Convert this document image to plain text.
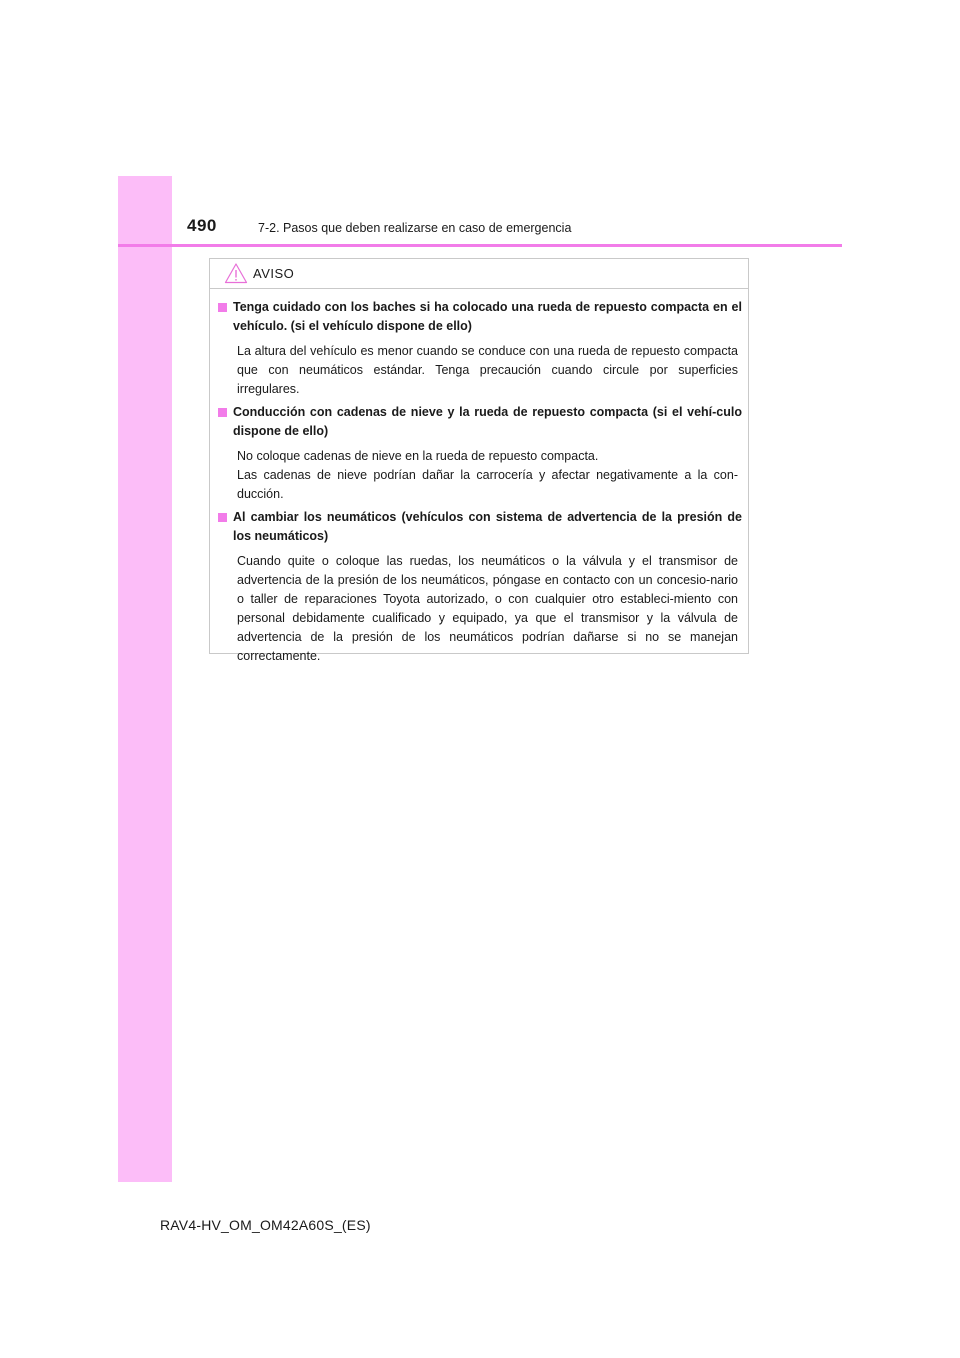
490	7-2. Pasos que deben realizarse en caso de emergencia
AVISO
Tenga cuidado con los baches si ha colocado una rueda de repuesto compacta en el vehículo. (si el vehículo dispone de ello)

La altura del vehículo es menor cuando se conduce con una rueda de repuesto compacta que con neumáticos estándar. Tenga precaución cuando circule por superficies irregulares.

Conducción con cadenas de nieve y la rueda de repuesto compacta (si el vehí-culo dispone de ello)

No coloque cadenas de nieve en la rueda de repuesto compacta.

Las cadenas de nieve podrían dañar la carrocería y afectar negativamente a la con-ducción.

Al cambiar los neumáticos (vehículos con sistema de advertencia de la presión de los neumáticos)

Cuando quite o coloque las ruedas, los neumáticos o la válvula y el transmisor de advertencia de la presión de los neumáticos, póngase en contacto con un concesio-nario o taller de reparaciones Toyota autorizado, o con cualquier otro estableci-miento con personal debidamente cualificado y equipado, ya que el transmisor y la válvula de advertencia de la presión de los neumáticos podrían dañarse si no se manejan correctamente.

RAV4-HV_OM_OM42A60S_(ES)
